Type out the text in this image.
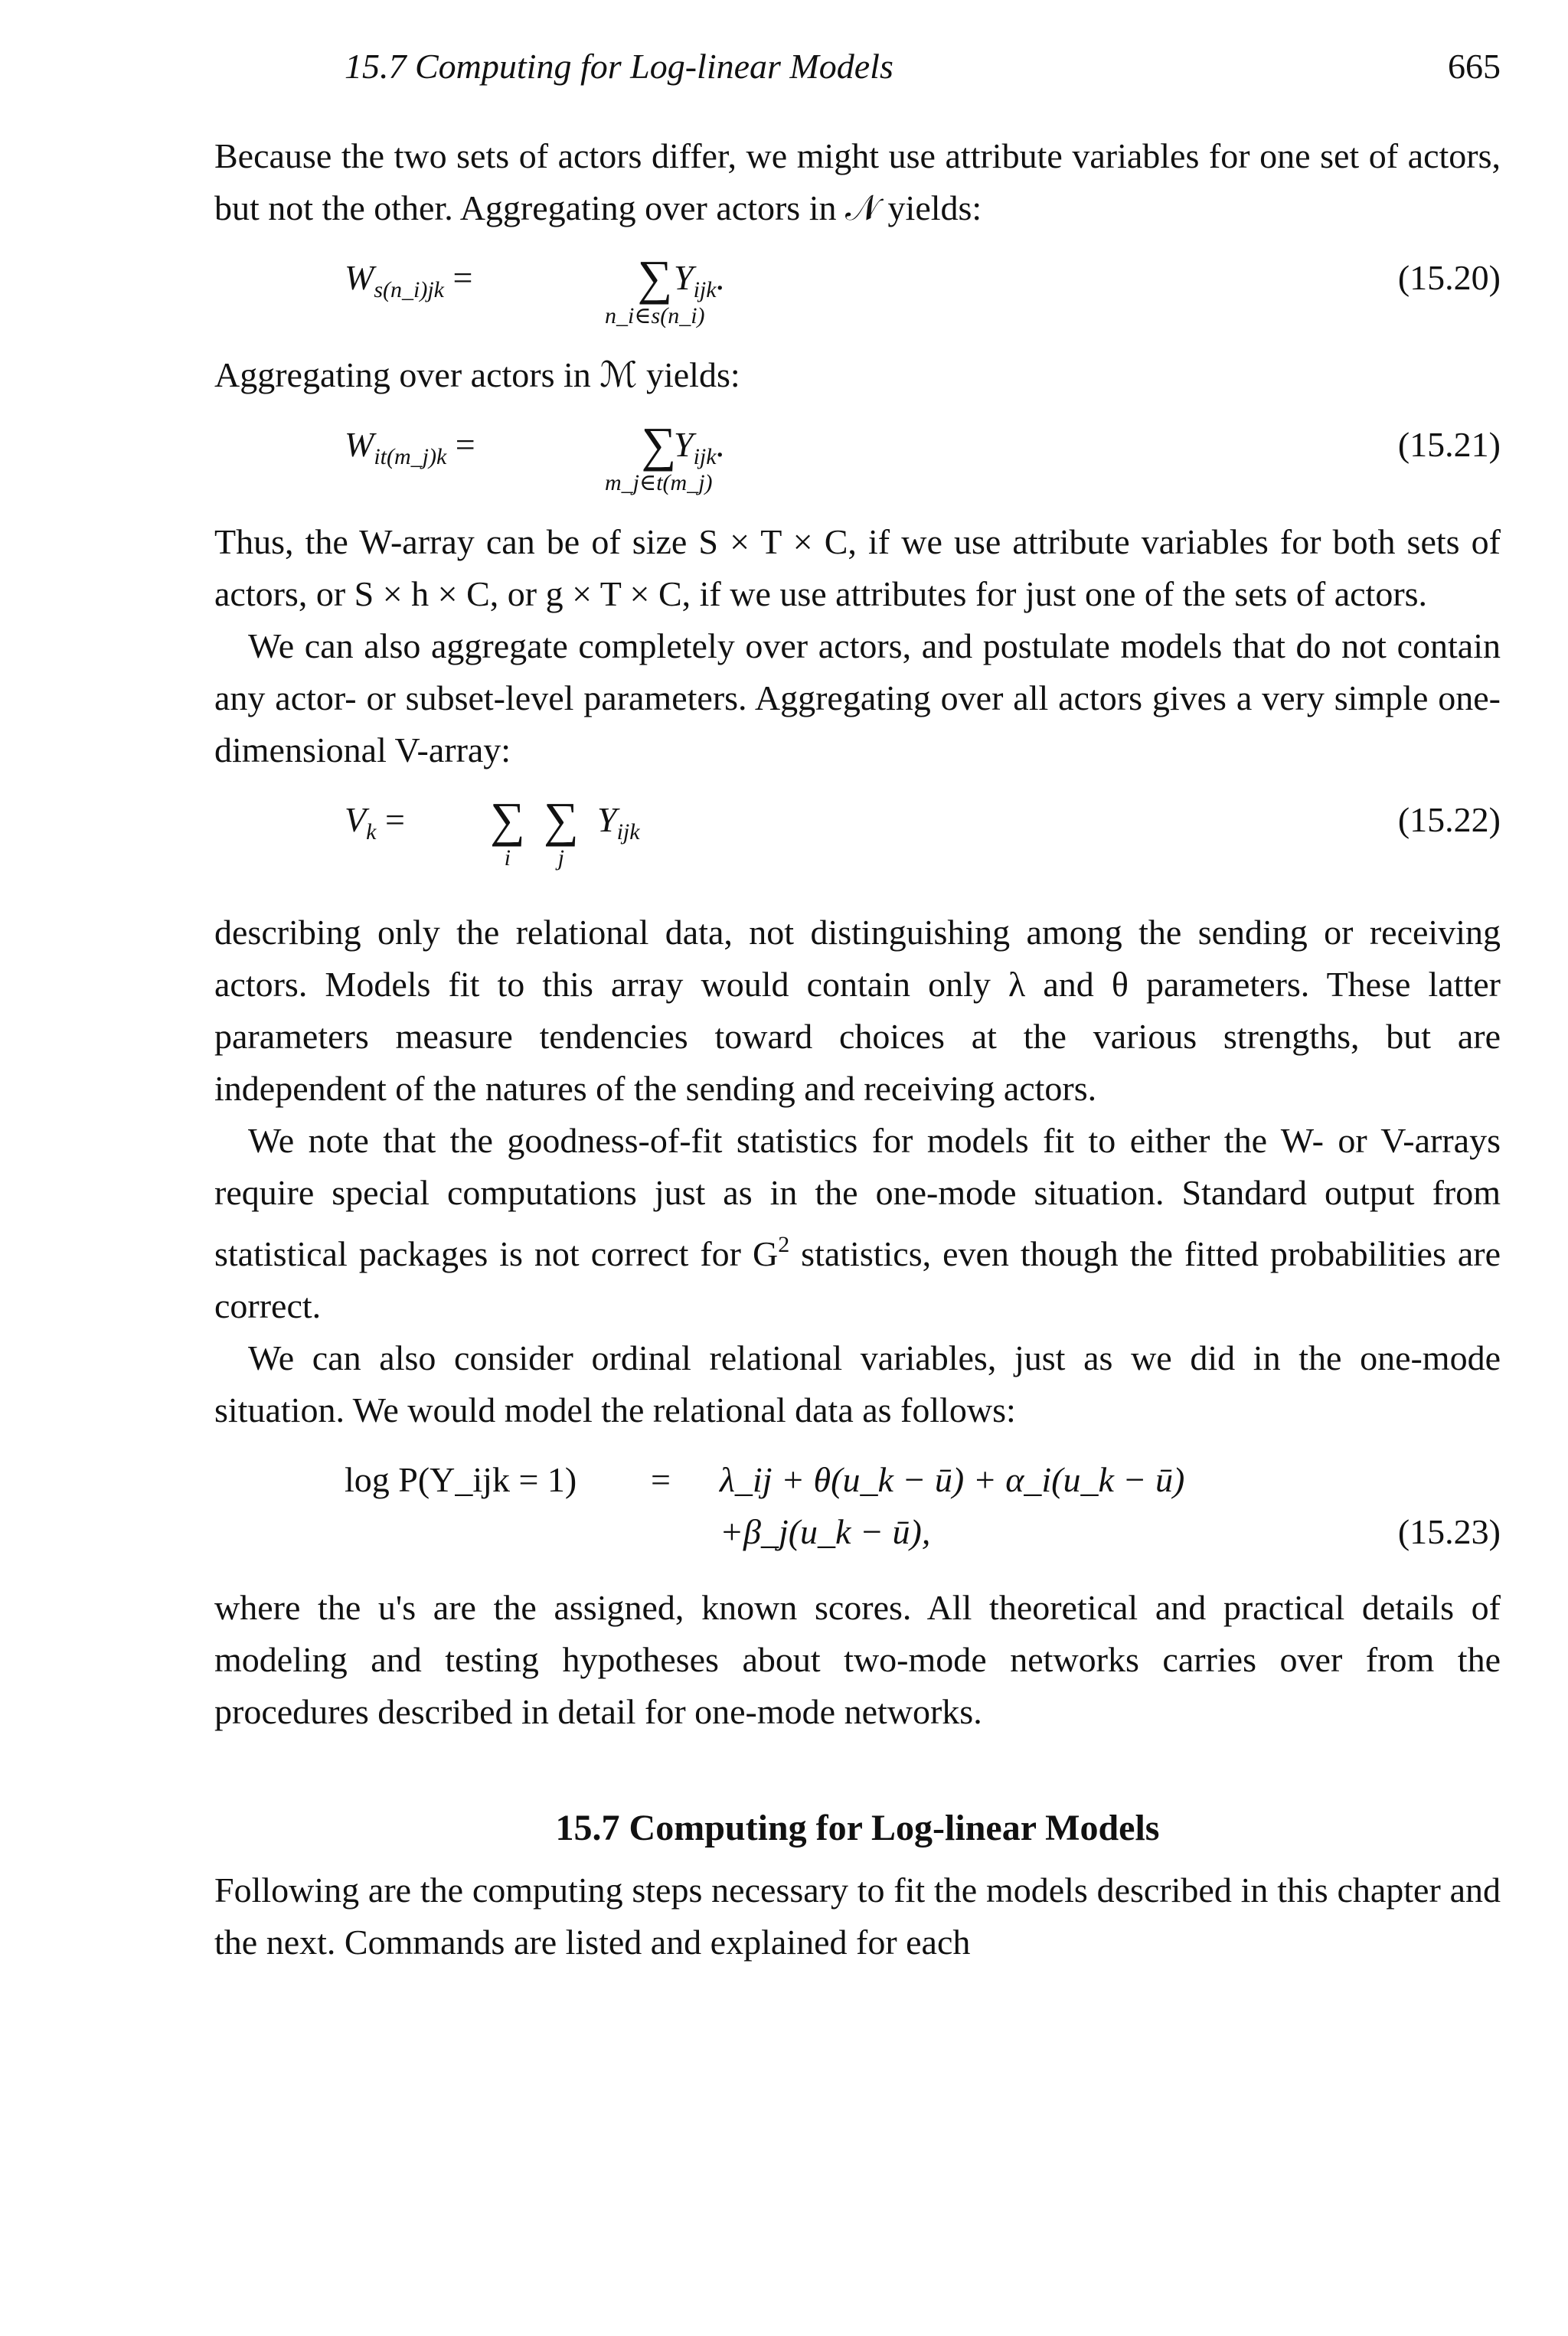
15.7 Computing for Log-linear Models	665

Because the two sets of actors differ, we might use attribute variables for one set of actors, but not the other. Aggregating over actors in 𝒩 yields:

$W_{s(n\_i)jk}$ =	∑
n_i∈s(n_i)
$Y_{ijk}$.	(15.20)

Aggregating over actors in ℳ yields:

$W_{it(m\_j)k}$ =	∑
m_j∈t(m_j)
$Y_{ijk}$.	(15.21)

Thus, the W-array can be of size S × T × C, if we use attribute variables for both sets of actors, or S × h × C, or g × T × C, if we use attributes for just one of the sets of actors.

We can also aggregate completely over actors, and postulate models that do not contain any actor- or subset-level parameters. Aggregating over all actors gives a very simple one-dimensional V-array:

$V_k$ = ∑
i
∑
j
$Y_{ijk}$	(15.22)

describing only the relational data, not distinguishing among the sending or receiving actors. Models fit to this array would contain only λ and θ parameters. These latter parameters measure tendencies toward choices at the various strengths, but are independent of the natures of the sending and receiving actors.

We note that the goodness-of-fit statistics for models fit to either the W- or V-arrays require special computations just as in the one-mode situation. Standard output from statistical packages is not correct for $G^2$ statistics, even though the fitted probabilities are correct.

We can also consider ordinal relational variables, just as we did in the one-mode situation. We would model the relational data as follows:

log P(Y_ijk = 1) = λ_ij + θ(u_k − ū) + α_i(u_k − ū)
+β_j(u_k − ū),	(15.23)

where the u's are the assigned, known scores. All theoretical and practical details of modeling and testing hypotheses about two-mode networks carries over from the procedures described in detail for one-mode networks.

15.7 Computing for Log-linear Models

Following are the computing steps necessary to fit the models described in this chapter and the next. Commands are listed and explained for each
